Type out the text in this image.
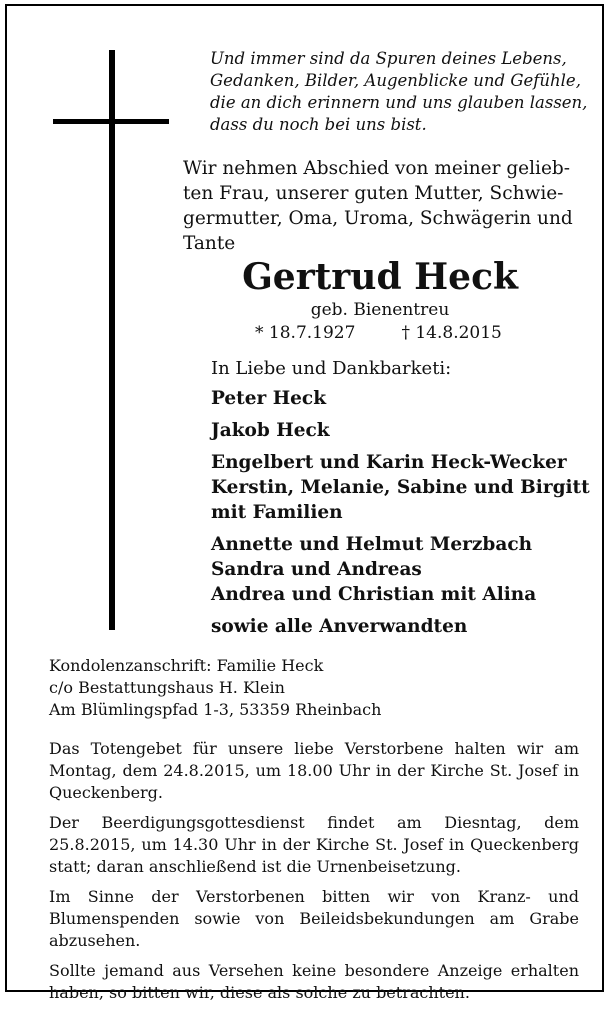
Und immer sind da Spuren deines Lebens,
Gedanken, Bilder, Augenblicke und Gefühle,
die an dich erinnern und uns glauben lassen,
dass du noch bei uns bist.
Wir nehmen Abschied von meiner gelieb-
ten Frau, unserer guten Mutter, Schwie-
germutter, Oma, Uroma, Schwägerin und
Tante
Gertrud Heck
geb. Bienentreu
* 18.7.1927	† 14.8.2015
In Liebe und Dankbarketi:
Peter Heck
Jakob Heck
Engelbert und Karin Heck-Wecker
Kerstin, Melanie, Sabine und Birgitt
mit Familien
Annette und Helmut Merzbach
Sandra und Andreas
Andrea und Christian mit Alina
sowie alle Anverwandten
Kondolenzanschrift: Familie Heck
c/o Bestattungshaus H. Klein
Am Blümlingspfad 1-3, 53359 Rheinbach

Das Totengebet für unsere liebe Verstorbene halten wir am Montag, dem 24.8.2015, um 18.00 Uhr in der Kirche St. Josef in Queckenberg.

Der Beerdigungsgottesdienst findet am Diesntag, dem 25.8.2015, um 14.30 Uhr in der Kirche St. Josef in Queckenberg statt; daran anschließend ist die Urnenbeisetzung.

Im Sinne der Verstorbenen bitten wir von Kranz- und Blumenspenden sowie von Beileidsbekundungen am Grabe abzusehen.

Sollte jemand aus Versehen keine besondere Anzeige erhalten haben, so bitten wir, diese als solche zu betrachten.
